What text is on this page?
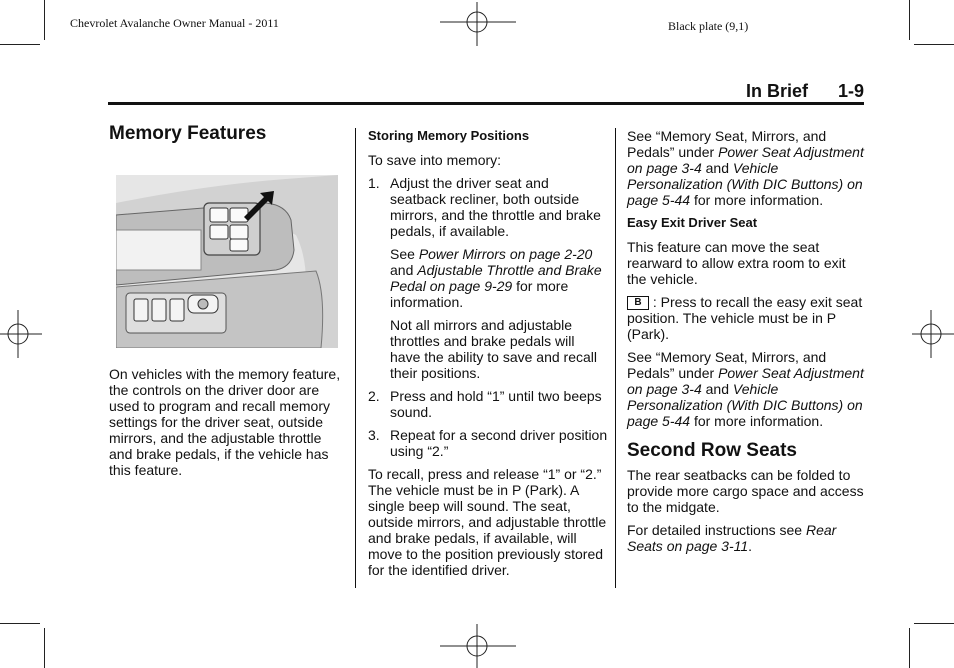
Chevrolet Avalanche Owner Manual - 2011	Black plate (9,1)
In Brief 1-9
Memory Features

On vehicles with the memory feature, the controls on the driver door are used to program and recall memory settings for the driver seat, outside mirrors, and the adjustable throttle and brake pedals, if the vehicle has this feature.

Storing Memory Positions

To save into memory:

1. Adjust the driver seat and seatback recliner, both outside mirrors, and the throttle and brake pedals, if available.

See Power Mirrors on page 2-20 and Adjustable Throttle and Brake Pedal on page 9-29 for more information.

Not all mirrors and adjustable throttles and brake pedals will have the ability to save and recall their positions.

2. Press and hold “1” until two beeps sound.
3. Repeat for a second driver position using “2.”

To recall, press and release “1” or “2.” The vehicle must be in P (Park). A single beep will sound. The seat, outside mirrors, and adjustable throttle and brake pedals, if available, will move to the position previously stored for the identified driver.

See “Memory Seat, Mirrors, and Pedals” under Power Seat Adjustment on page 3-4 and Vehicle Personalization (With DIC Buttons) on page 5-44 for more information.

Easy Exit Driver Seat

This feature can move the seat rearward to allow extra room to exit the vehicle.

B : Press to recall the easy exit seat position. The vehicle must be in P (Park).

See “Memory Seat, Mirrors, and Pedals” under Power Seat Adjustment on page 3-4 and Vehicle Personalization (With DIC Buttons) on page 5-44 for more information.

Second Row Seats

The rear seatbacks can be folded to provide more cargo space and access to the midgate.

For detailed instructions see Rear Seats on page 3-11.
